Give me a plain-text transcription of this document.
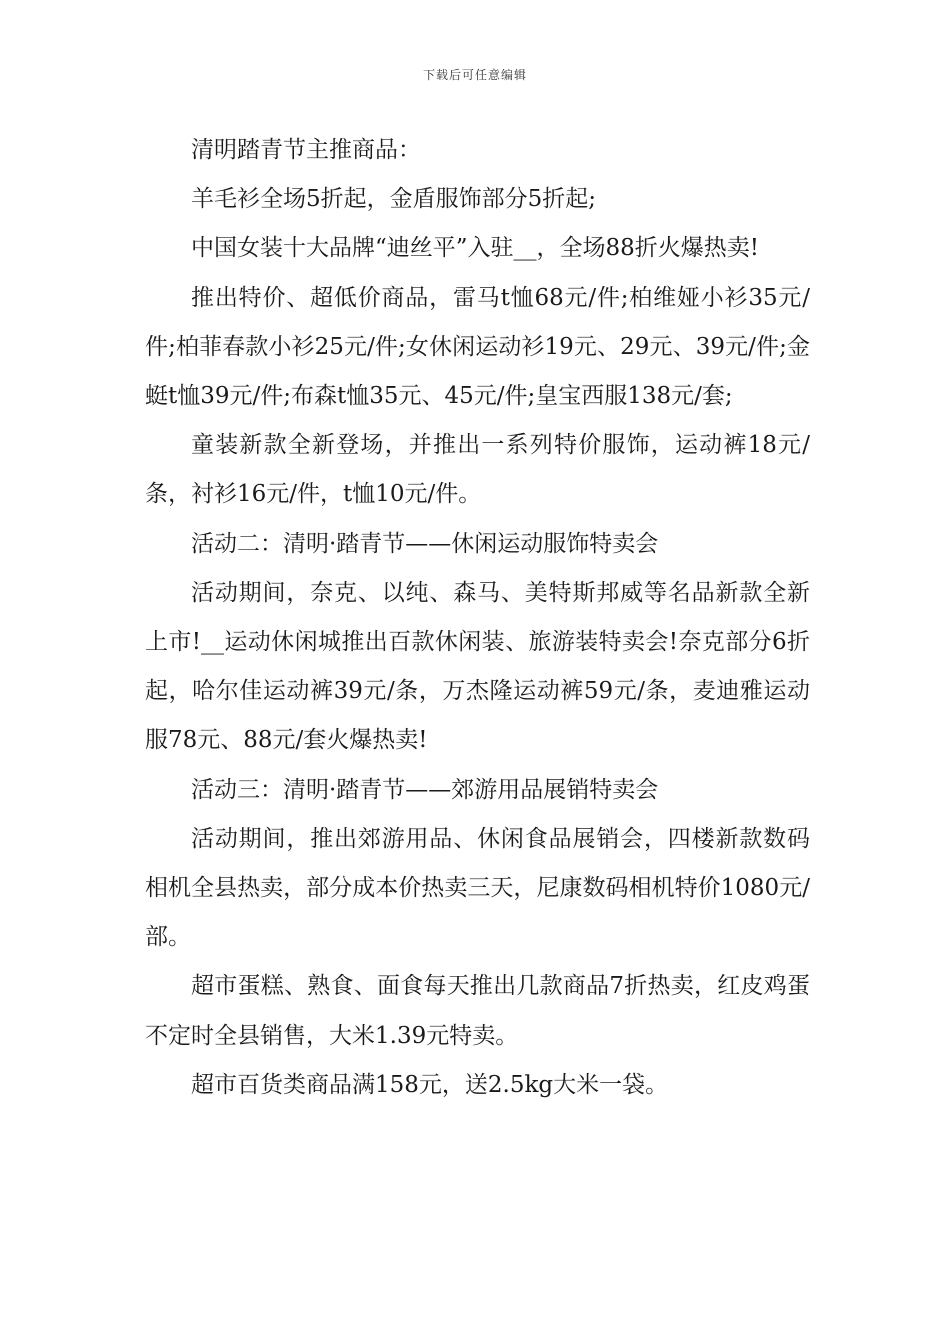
下载后可任意编辑

清明踏青节主推商品：

羊毛衫全场5折起，金盾服饰部分5折起;

中国女装十大品牌“迪丝平”入驻__，全场88折火爆热卖!

推出特价、超低价商品，雷马t恤68元/件;柏维娅小衫35元/件;柏菲春款小衫25元/件;女休闲运动衫19元、29元、39元/件;金蜓t恤39元/件;布森t恤35元、45元/件;皇宝西服138元/套;

童装新款全新登场，并推出一系列特价服饰，运动裤18元/条，衬衫16元/件，t恤10元/件。

活动二：清明·踏青节——休闲运动服饰特卖会

活动期间，奈克、以纯、森马、美特斯邦威等名品新款全新上市!__运动休闲城推出百款休闲装、旅游装特卖会!奈克部分6折起，哈尔佳运动裤39元/条，万杰隆运动裤59元/条，麦迪雅运动服78元、88元/套火爆热卖!

活动三：清明·踏青节——郊游用品展销特卖会

活动期间，推出郊游用品、休闲食品展销会，四楼新款数码相机全县热卖，部分成本价热卖三天，尼康数码相机特价1080元/部。

超市蛋糕、熟食、面食每天推出几款商品7折热卖，红皮鸡蛋不定时全县销售，大米1.39元特卖。

超市百货类商品满158元，送2.5kg大米一袋。
